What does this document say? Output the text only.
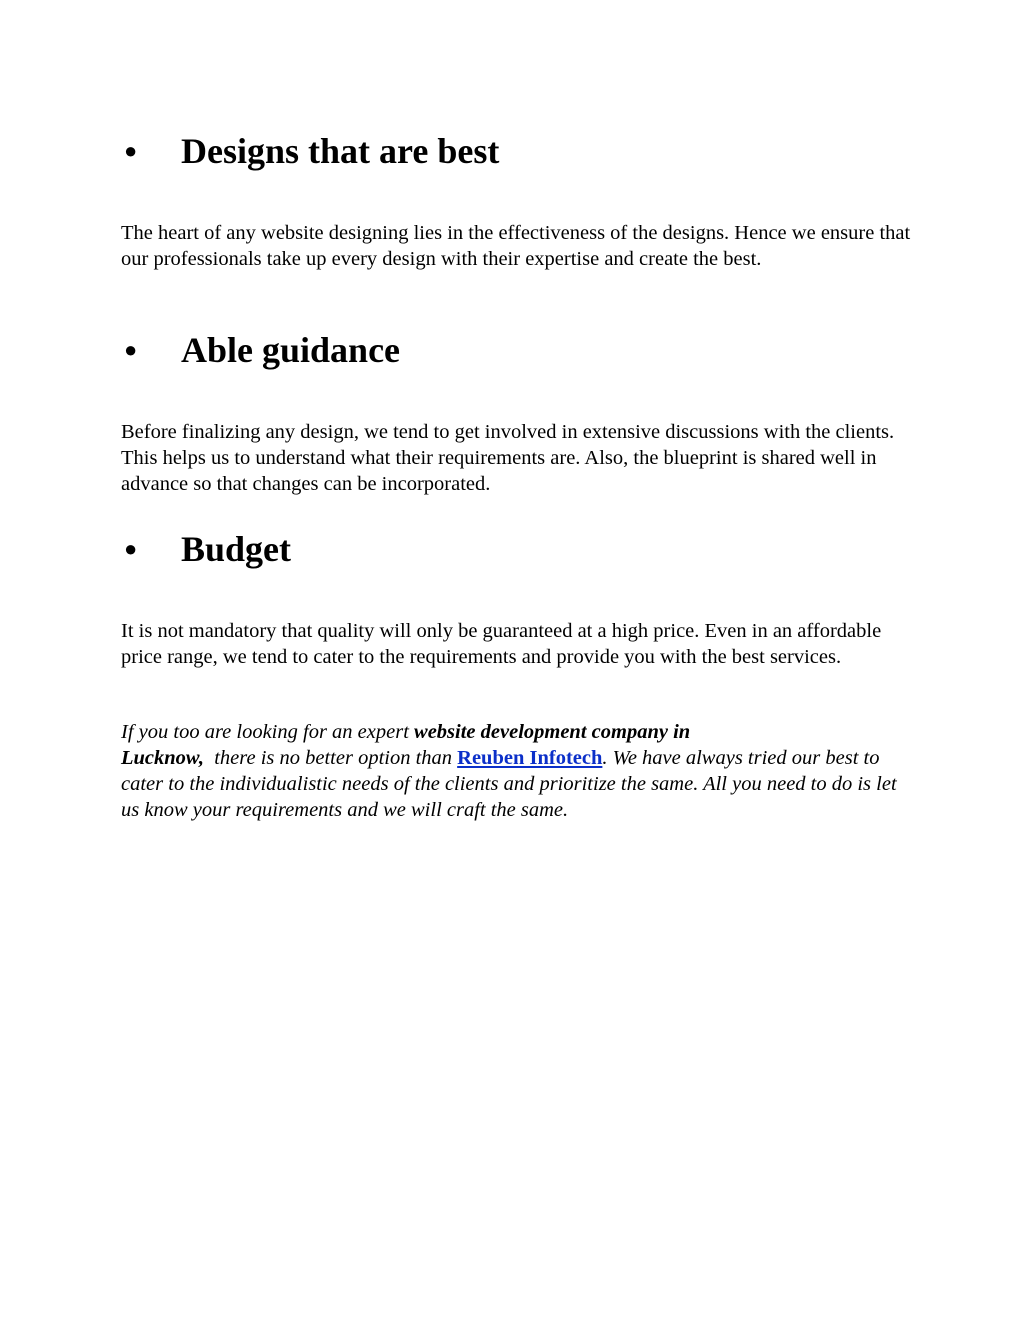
●	Designs that are best

The heart of any website designing lies in the effectiveness of the designs. Hence we ensure that our professionals take up every design with their expertise and create the best.

●	Able guidance

Before finalizing any design, we tend to get involved in extensive discussions with the clients. This helps us to understand what their requirements are. Also, the blueprint is shared well in advance so that changes can be incorporated.

●	Budget

It is not mandatory that quality will only be guaranteed at a high price. Even in an affordable price range, we tend to cater to the requirements and provide you with the best services.

If you too are looking for an expert website development company in
Lucknow,  there is no better option than Reuben Infotech. We have always tried our best to cater to the individualistic needs of the clients and prioritize the same. All you need to do is let us know your requirements and we will craft the same.
